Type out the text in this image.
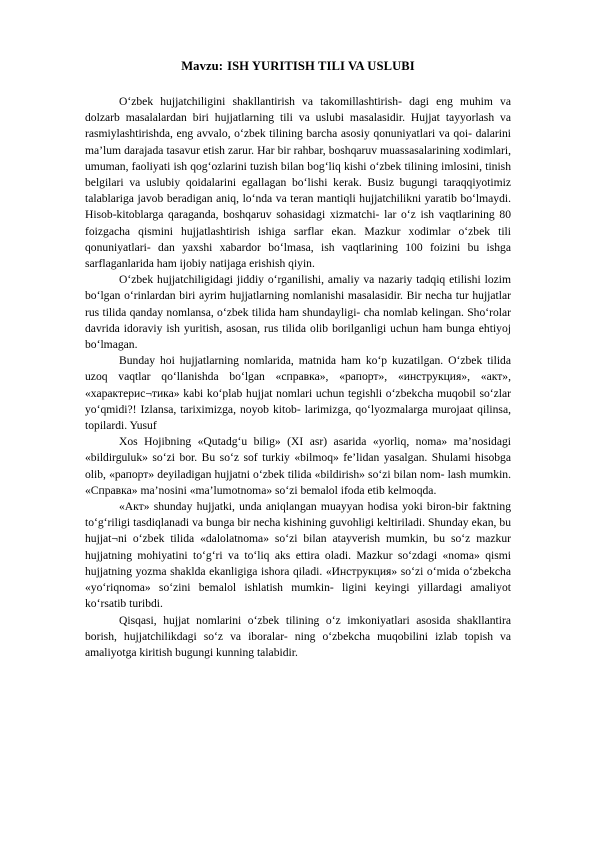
Mavzu: ISH YURITISH TILI VA USLUBI

O‘zbek hujjatchiligini shakllantirish va takomillashtirish- dagi eng muhim va dolzarb masalalardan biri hujjatlarning tili va uslubi masalasidir. Hujjat tayyorlash va rasmiylashtirishda, eng avvalo, o‘zbek tilining barcha asosiy qonuniyatlari va qoi- dalarini ma’lum darajada tasavur etish zarur. Har bir rahbar, boshqaruv muassasalarining xodimlari, umuman, faoliyati ish qog‘ozlarini tuzish bilan bog‘liq kishi o‘zbek tilining imlosini, tinish belgilari va uslubiy qoidalarini egallagan bo‘lishi kerak. Busiz bugungi taraqqiyotimiz talablariga javob beradigan aniq, lo‘nda va teran mantiqli hujjatchilikni yaratib bo‘lmaydi. Hisob-kitoblarga qaraganda, boshqaruv sohasidagi xizmatchi- lar o‘z ish vaqtlarining 80 foizgacha qismini hujjatlashtirish ishiga sarflar ekan. Mazkur xodimlar o‘zbek tili qonuniyatlari- dan yaxshi xabardor bo‘lmasa, ish vaqtlarining 100 foizini bu ishga sarflaganlarida ham ijobiy natijaga erishish qiyin.

O‘zbek hujjatchiligidagi jiddiy o‘rganilishi, amaliy va nazariy tadqiq etilishi lozim bo‘lgan o‘rinlardan biri ayrim hujjatlarning nomlanishi masalasidir. Bir necha tur hujjatlar rus tilida qanday nomlansa, o‘zbek tilida ham shundayligi- cha nomlab kelingan. Sho‘rolar davrida idoraviy ish yuritish, asosan, rus tilida olib borilganligi uchun ham bunga ehtiyoj bo‘lmagan.

Bunday hoi hujjatlarning nomlarida, matnida ham ko‘p kuzatilgan. O‘zbek tilida uzoq vaqtlar qo‘llanishda bo‘lgan «справка», «рапорт», «инструкция», «акт», «характерис¬тика» kabi ko‘plab hujjat nomlari uchun tegishli o‘zbekcha muqobil so‘zlar yo‘qmidi?! Izlansa, tariximizga, noyob kitob- larimizga, qo‘lyozmalarga murojaat qilinsa, topilardi. Yusuf

Xos Hojibning «Qutadg‘u bilig» (XI asr) asarida «yorliq, noma» ma’nosidagi «bildirguluk» so‘zi bor. Bu so‘z sof turkiy «bilmoq» fe’lidan yasalgan. Shulami hisobga olib, «рапорт» deyiladigan hujjatni o‘zbek tilida «bildirish» so‘zi bilan nom- lash mumkin. «Справка» ma’nosini «ma’lumotnoma» so‘zi bemalol ifoda etib kelmoqda.

«Акт» shunday hujjatki, unda aniqlangan muayyan hodisa yoki biron-bir faktning to‘g‘riligi tasdiqlanadi va bunga bir necha kishining guvohligi keltiriladi. Shunday ekan, bu hujjat¬ni o‘zbek tilida «dalolatnoma» so‘zi bilan atayverish mumkin, bu so‘z mazkur hujjatning mohiyatini to‘g‘ri va to‘liq aks ettira oladi. Mazkur so‘zdagi «noma» qismi hujjatning yozma shaklda ekanligiga ishora qiladi. «Инструкция» so‘zi o‘mida o‘zbekcha «yo‘riqnoma» so‘zini bemalol ishlatish mumkin- ligini keyingi yillardagi amaliyot ko‘rsatib turibdi.

Qisqasi, hujjat nomlarini o‘zbek tilining o‘z imkoniyatlari asosida shakllantira borish, hujjatchilikdagi so‘z va iboralar- ning o‘zbekcha muqobilini izlab topish va amaliyotga kiritish bugungi kunning talabidir.
